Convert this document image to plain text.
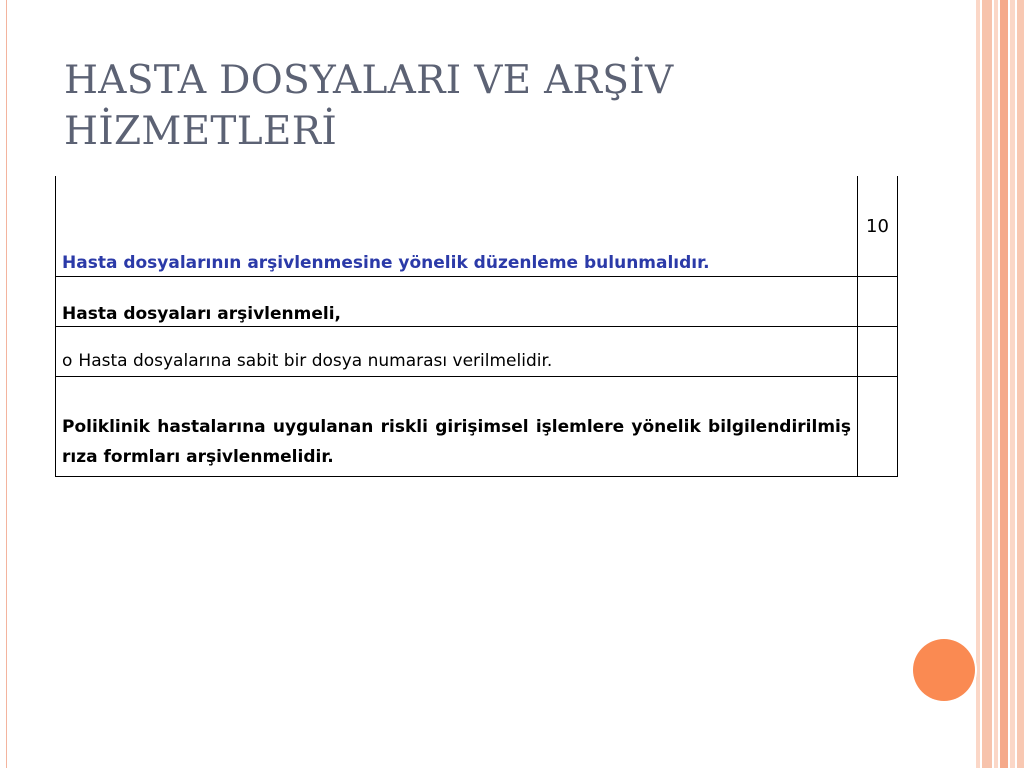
HASTA DOSYALARI VE ARŞİV
HİZMETLERİ
Hasta dosyalarının arşivlenmesine yönelik düzenleme bulunmalıdır.	10
Hasta dosyaları arşivlenmeli,	
o Hasta dosyalarına sabit bir dosya numarası verilmelidir.	
Poliklinik hastalarına uygulanan riskli girişimsel işlemlere yönelik bilgilendirilmiş rıza formları arşivlenmelidir.	
